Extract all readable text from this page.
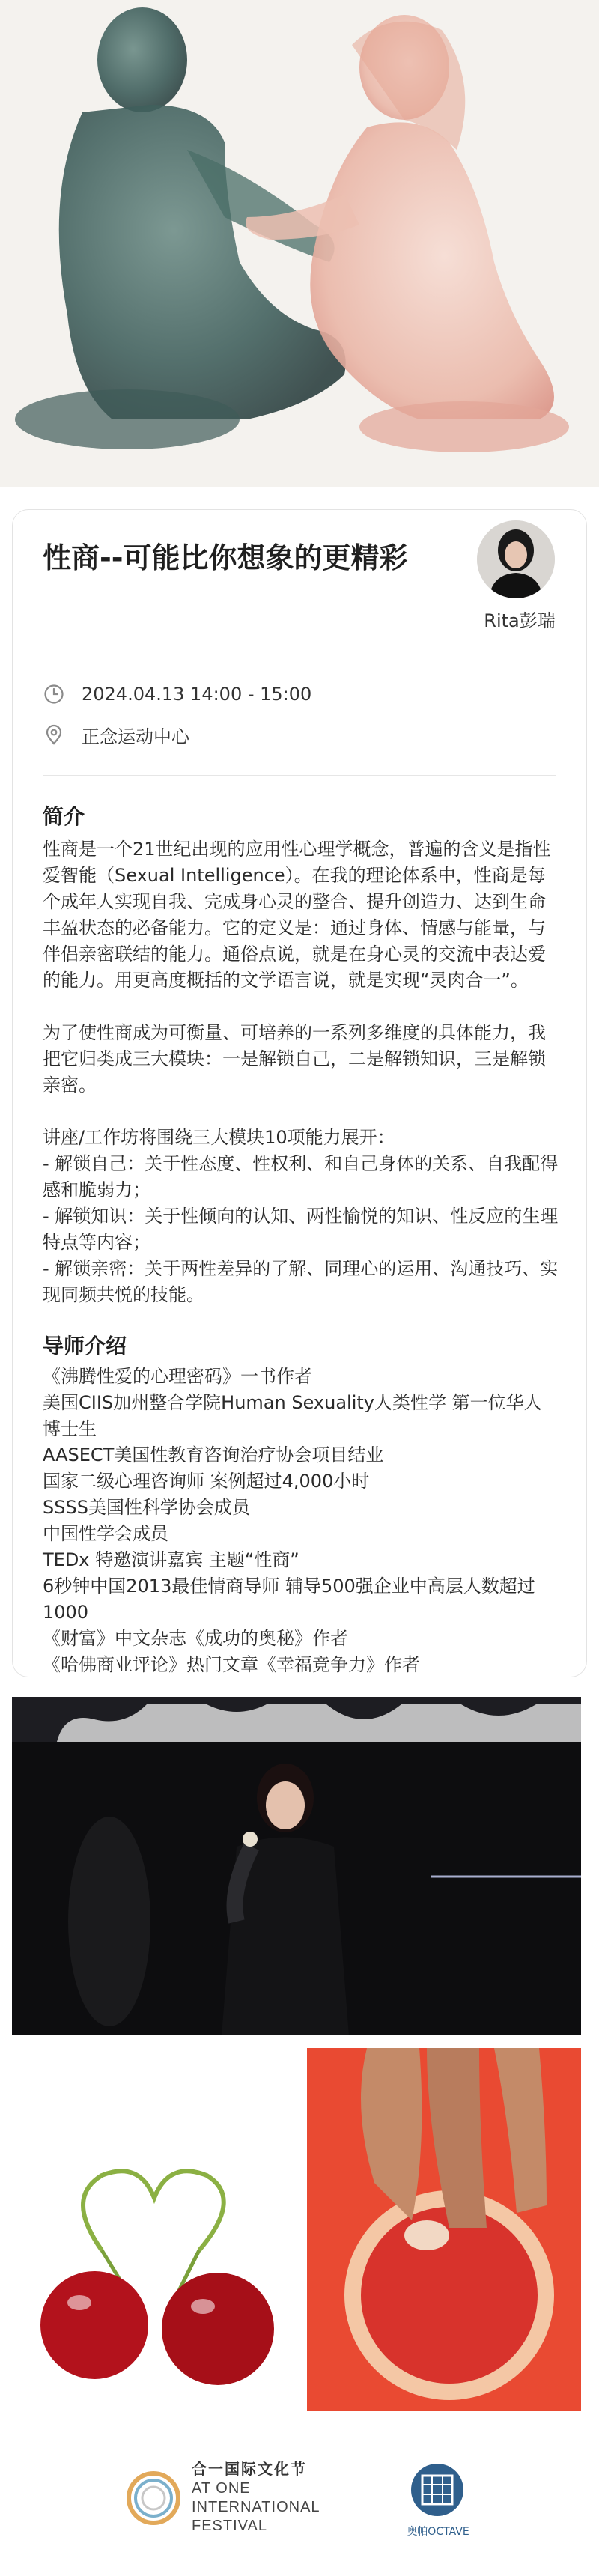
性商--可能比你想象的更精彩
Rita彭瑞
2024.04.13 14:00 - 15:00
正念运动中心
简介
性商是一个21世纪出现的应用性心理学概念，普遍的含义是指性爱智能（Sexual Intelligence）。在我的理论体系中，性商是每个成年人实现自我、完成身心灵的整合、提升创造力、达到生命丰盈状态的必备能力。它的定义是：通过身体、情感与能量，与伴侣亲密联结的能力。通俗点说，就是在身心灵的交流中表达爱的能力。用更高度概括的文学语言说，就是实现“灵肉合一”。

为了使性商成为可衡量、可培养的一系列多维度的具体能力，我把它归类成三大模块：一是解锁自己，二是解锁知识，三是解锁亲密。

讲座/工作坊将围绕三大模块10项能力展开：
- 解锁自己：关于性态度、性权利、和自己身体的关系、自我配得感和脆弱力；
- 解锁知识：关于性倾向的认知、两性愉悦的知识、性反应的生理特点等内容；
- 解锁亲密：关于两性差异的了解、同理心的运用、沟通技巧、实现同频共悦的技能。
导师介绍
《沸腾性爱的心理密码》一书作者
美国CIIS加州整合学院Human Sexuality人类性学 第一位华人博士生
AASECT美国性教育咨询治疗协会项目结业
国家二级心理咨询师 案例超过4,000小时
SSSS美国性科学协会成员
中国性学会成员
TEDx 特邀演讲嘉宾 主题“性商”
6秒钟中国2013最佳情商导师 辅导500强企业中高层人数超过1000
《财富》中文杂志《成功的奥秘》作者
《哈佛商业评论》热门文章《幸福竞争力》作者
合一国际文化节
AT ONE
INTERNATIONAL
FESTIVAL	奥帕OCTAVE
